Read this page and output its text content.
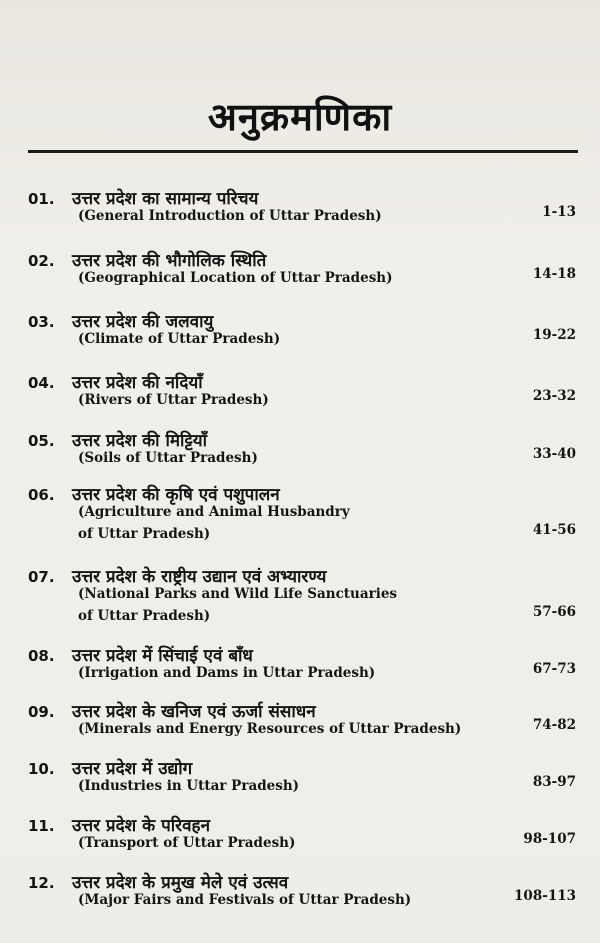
अनुक्रमणिका
01. उत्तर प्रदेश का सामान्य परिचय
(General Introduction of Uttar Pradesh)	1-13
02. उत्तर प्रदेश की भौगोलिक स्थिति
(Geographical Location of Uttar Pradesh)	14-18
03. उत्तर प्रदेश की जलवायु
(Climate of Uttar Pradesh)	19-22
04. उत्तर प्रदेश की नदियाँ
(Rivers of Uttar Pradesh)	23-32
05. उत्तर प्रदेश की मिट्टियाँ
(Soils of Uttar Pradesh)	33-40
06. उत्तर प्रदेश की कृषि एवं पशुपालन
(Agriculture and Animal Husbandry
of Uttar Pradesh)	41-56
07. उत्तर प्रदेश के राष्ट्रीय उद्यान एवं अभ्यारण्य
(National Parks and Wild Life Sanctuaries
of Uttar Pradesh)	57-66
08. उत्तर प्रदेश में सिंचाई एवं बाँध
(Irrigation and Dams in Uttar Pradesh)	67-73
09. उत्तर प्रदेश के खनिज एवं ऊर्जा संसाधन
(Minerals and Energy Resources of Uttar Pradesh)	74-82
10. उत्तर प्रदेश में उद्योग
(Industries in Uttar Pradesh)	83-97
11. उत्तर प्रदेश के परिवहन
(Transport of Uttar Pradesh)	98-107
12. उत्तर प्रदेश के प्रमुख मेले एवं उत्सव
(Major Fairs and Festivals of Uttar Pradesh)	108-113
